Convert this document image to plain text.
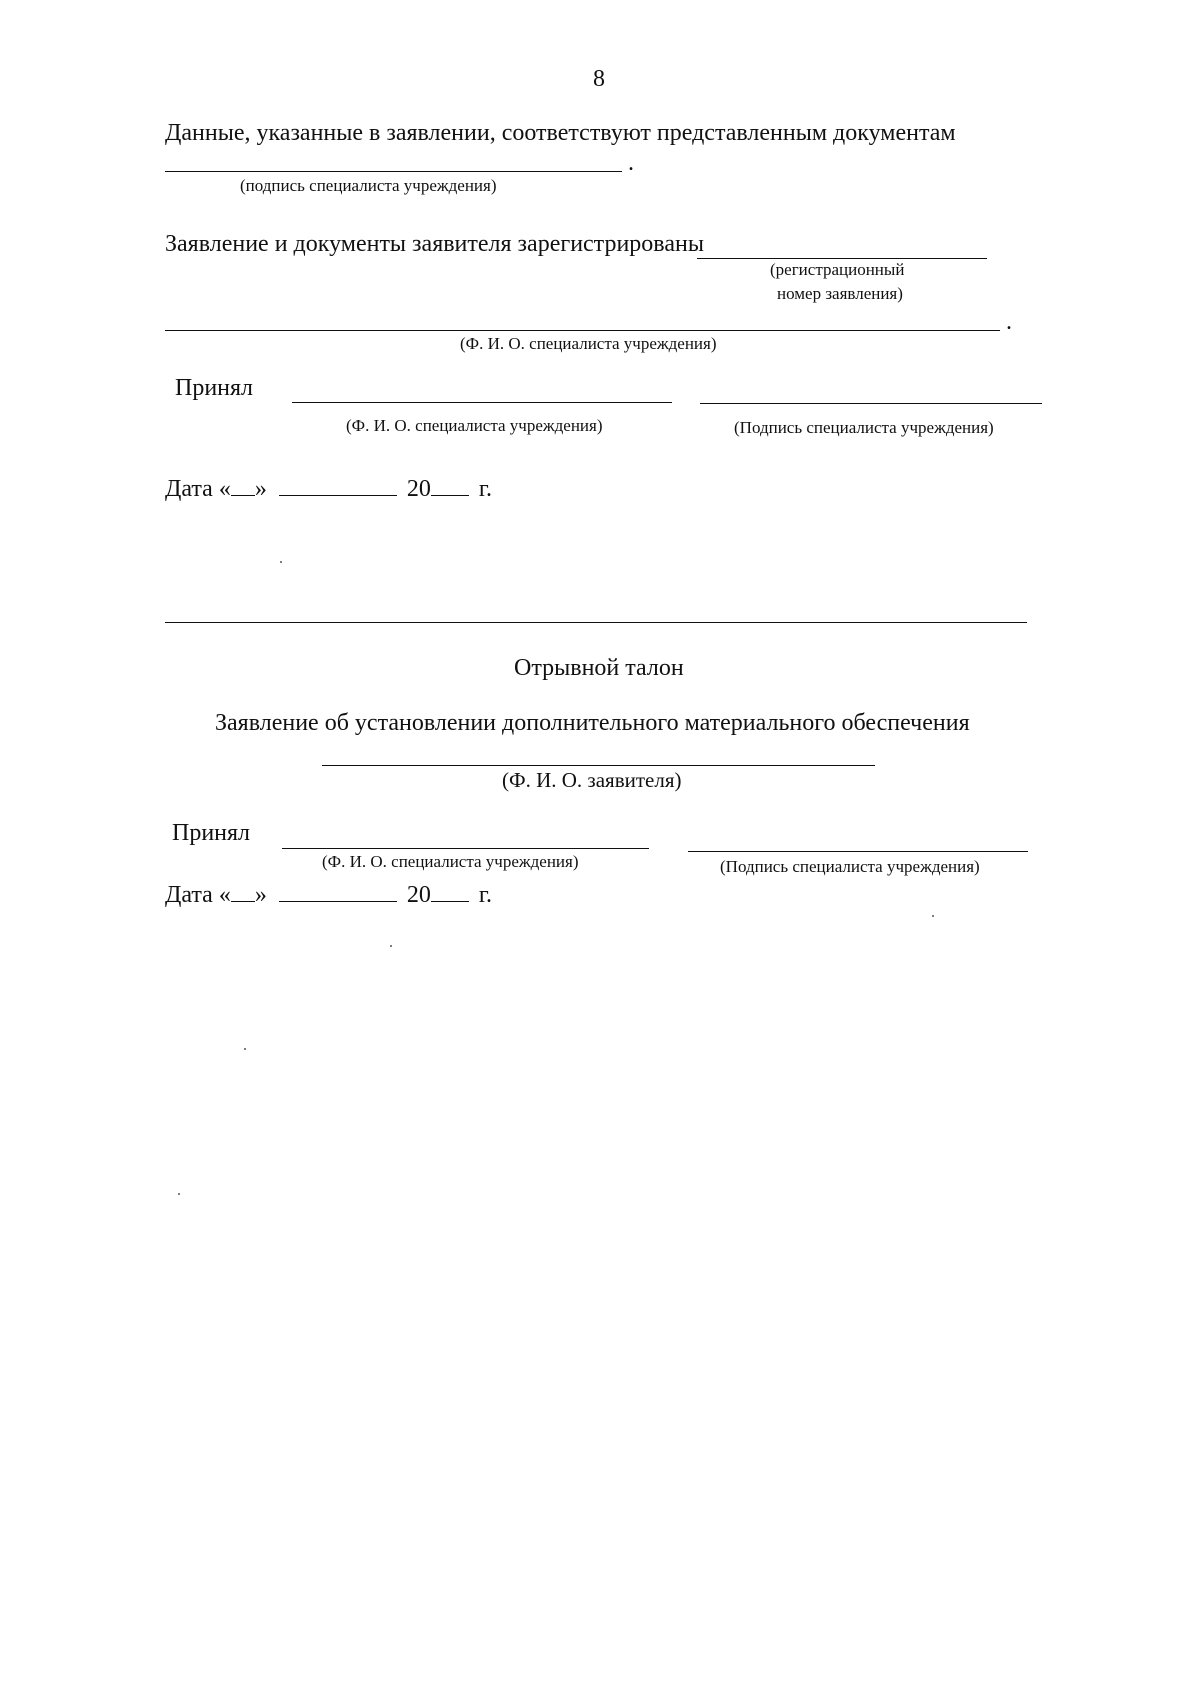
8
Данные, указанные в заявлении, соответствуют представленным документам
.
(подпись специалиста учреждения)
Заявление и документы заявителя зарегистрированы
(регистрационный
номер заявления)
.
(Ф. И. О. специалиста учреждения)
Принял
(Ф. И. О. специалиста учреждения)	(Подпись специалиста учреждения)
Дата « »	20 г.
Отрывной талон
Заявление об установлении дополнительного материального обеспечения
(Ф. И. О. заявителя)
Принял
(Ф. И. О. специалиста учреждения)	(Подпись специалиста учреждения)
Дата « »	20 г.
